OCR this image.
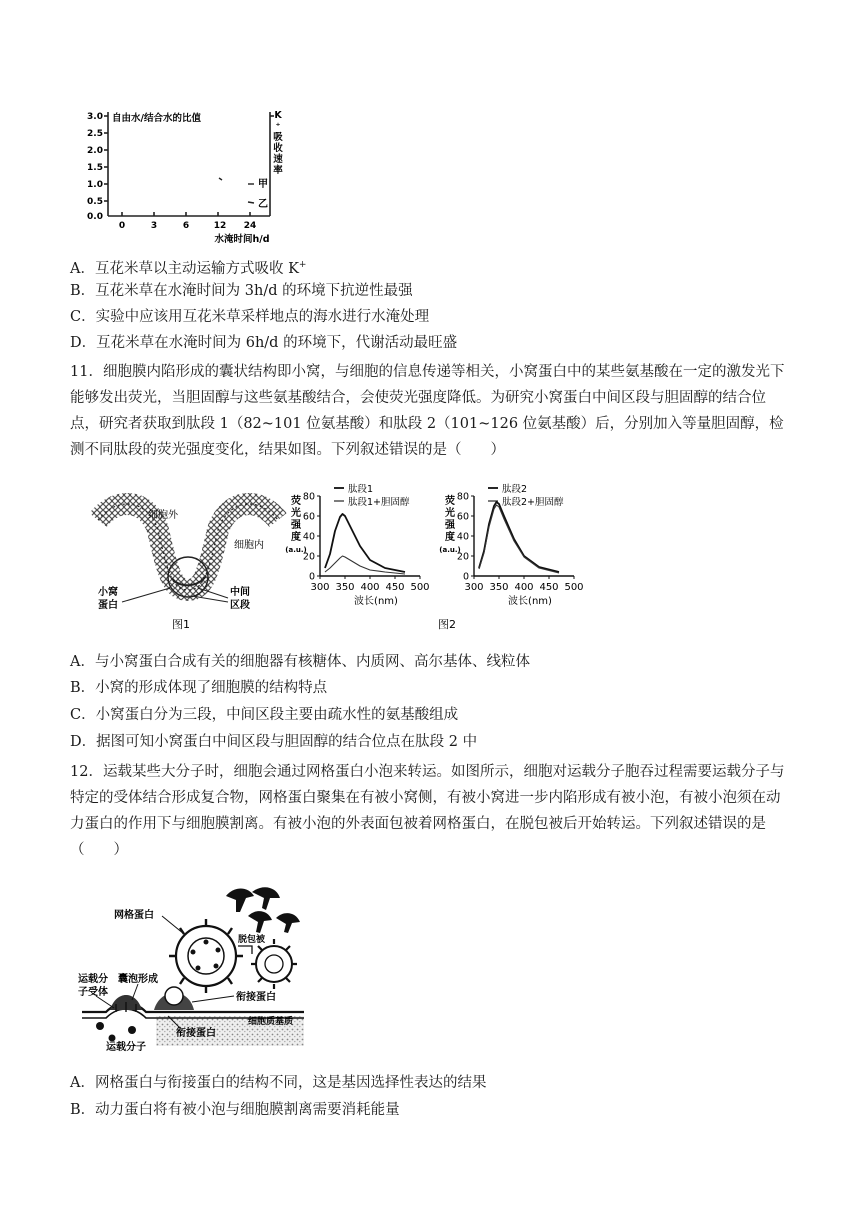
自由水/结合水的比值
3.0
2.5
2.0
1.5
1.0
0.5
0.0
0	3	6	12 24
水淹时间h/d
K ⁺吸收速率
甲
乙
A．互花米草以主动运输方式吸收 K+
B．互花米草在水淹时间为 3h/d 的环境下抗逆性最强
C．实验中应该用互花米草采样地点的海水进行水淹处理
D．互花米草在水淹时间为 6h/d 的环境下，代谢活动最旺盛
11．细胞膜内陷形成的囊状结构即小窝，与细胞的信息传递等相关，小窝蛋白中的某些氨基酸在一定的激发光下能够发出荧光，当胆固醇与这些氨基酸结合，会使荧光强度降低。为研究小窝蛋白中间区段与胆固醇的结合位点，研究者获取到肽段 1（82~101 位氨基酸）和肽段 2（101~126 位氨基酸）后，分别加入等量胆固醇，检测不同肽段的荧光强度变化，结果如图。下列叙述错误的是（　　）
细胞外
细胞内
小窝 蛋白
中间 区段
图1
80
60
40
20
0
300 350 400 450 500
波长(nm)
荧光强度(a.u.)
肽段1
肽段1+胆固醇	80
60
40
20
0
300 350 400 450 500
波长(nm)
荧光强度(a.u.)
肽段2
肽段2+胆固醇
图2
A．与小窝蛋白合成有关的细胞器有核糖体、内质网、高尔基体、线粒体
B．小窝的形成体现了细胞膜的结构特点
C．小窝蛋白分为三段，中间区段主要由疏水性的氨基酸组成
D．据图可知小窝蛋白中间区段与胆固醇的结合位点在肽段 2 中
12．运载某些大分子时，细胞会通过网格蛋白小泡来转运。如图所示，细胞对运载分子胞吞过程需要运载分子与特定的受体结合形成复合物，网格蛋白聚集在有被小窝侧，有被小窝进一步内陷形成有被小泡，有被小泡须在动力蛋白的作用下与细胞膜割离。有被小泡的外表面包被着网格蛋白，在脱包被后开始转运。下列叙述错误的是（　　）
网格蛋白
脱包被
运载分 子受体
囊泡形成
衔接蛋白
细胞质基质
衔接蛋白
运载分子
A．网格蛋白与衔接蛋白的结构不同，这是基因选择性表达的结果
B．动力蛋白将有被小泡与细胞膜割离需要消耗能量
